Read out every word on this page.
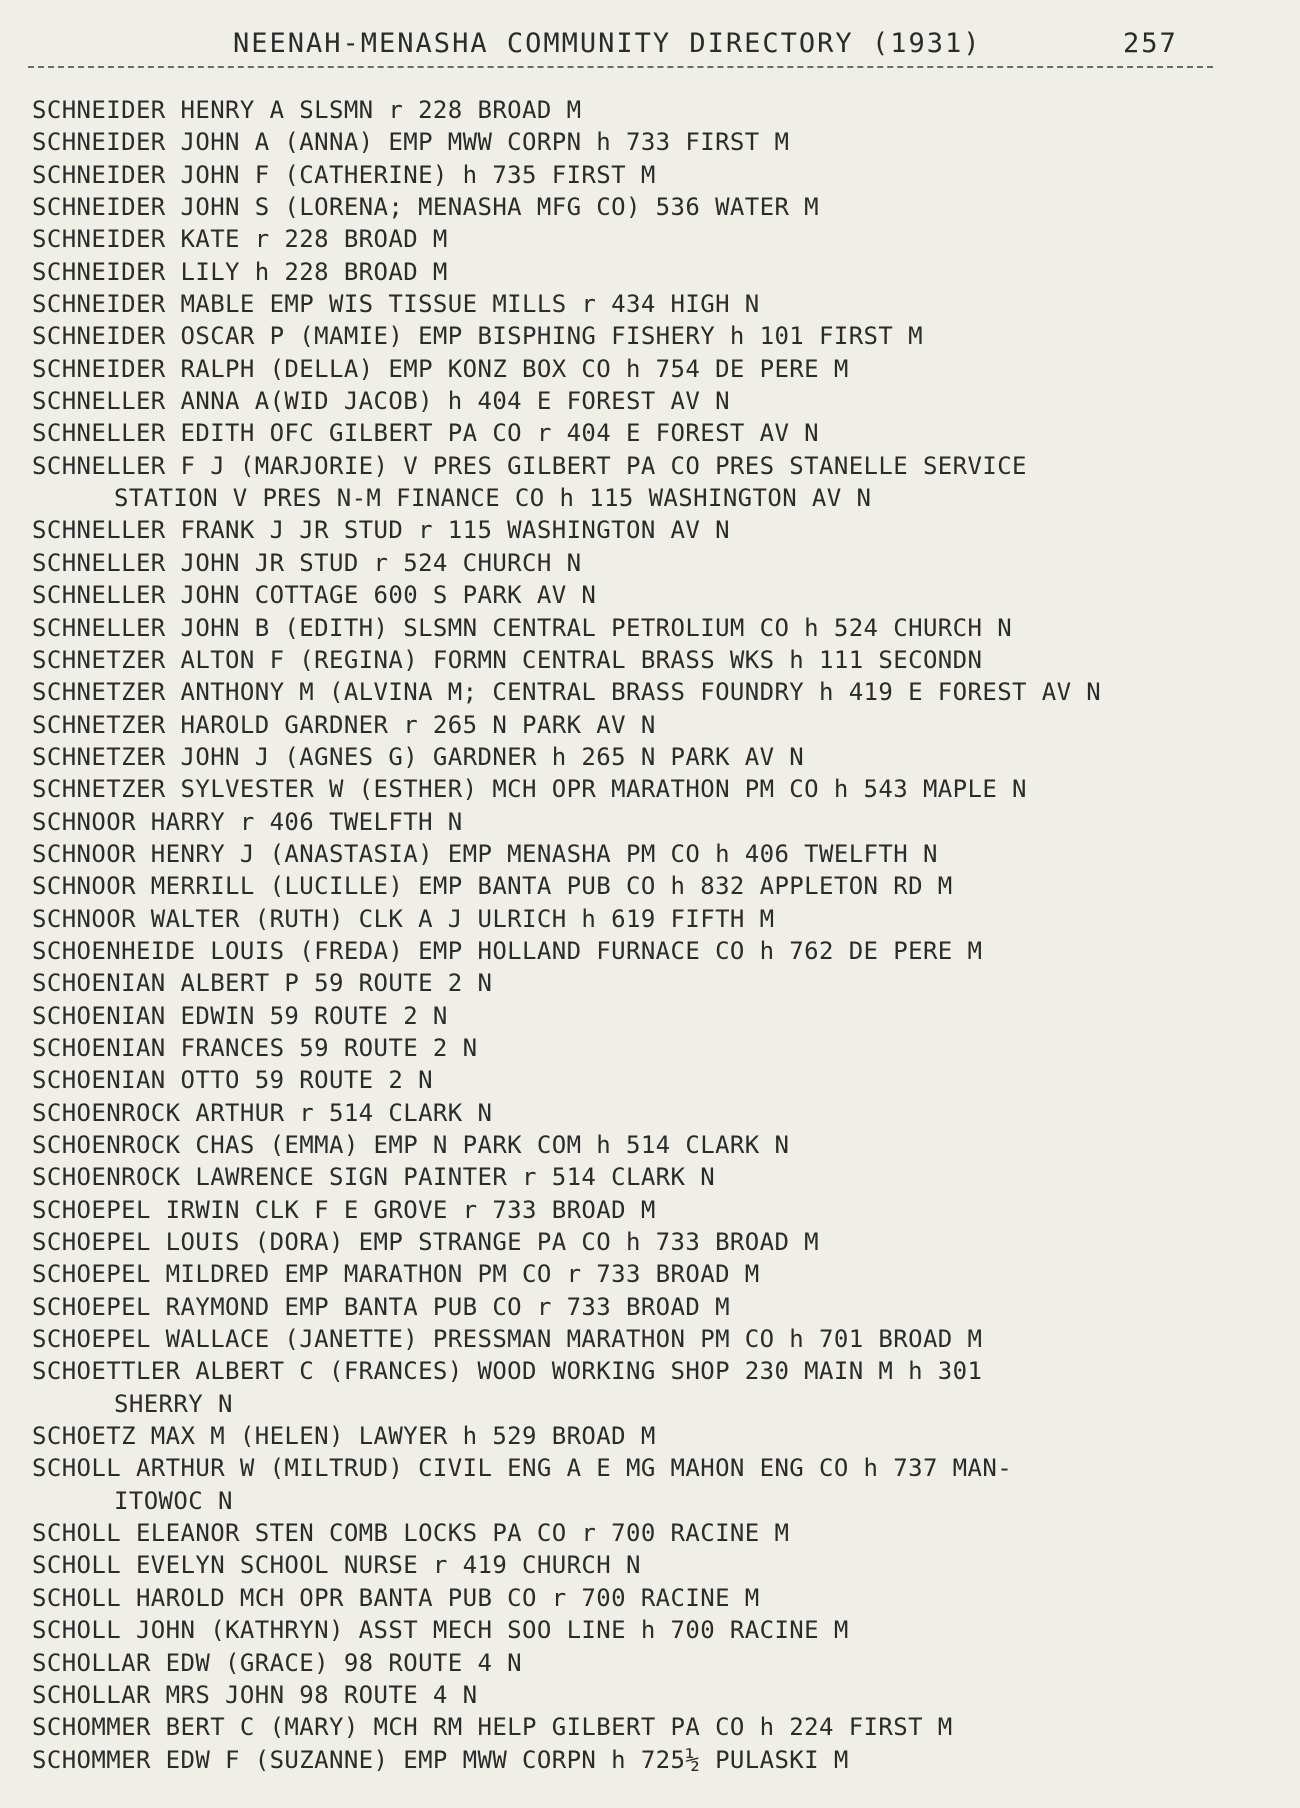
NEENAH-MENASHA COMMUNITY DIRECTORY (1931)	257
SCHNEIDER HENRY A SLSMN r 228 BROAD M
SCHNEIDER JOHN A (ANNA) EMP MWW CORPN h 733 FIRST M
SCHNEIDER JOHN F (CATHERINE) h 735 FIRST M
SCHNEIDER JOHN S (LORENA; MENASHA MFG CO) 536 WATER M
SCHNEIDER KATE r 228 BROAD M
SCHNEIDER LILY h 228 BROAD M
SCHNEIDER MABLE EMP WIS TISSUE MILLS r 434 HIGH N
SCHNEIDER OSCAR P (MAMIE) EMP BISPHING FISHERY h 101 FIRST M
SCHNEIDER RALPH (DELLA) EMP KONZ BOX CO h 754 DE PERE M
SCHNELLER ANNA A(WID JACOB) h 404 E FOREST AV N
SCHNELLER EDITH OFC GILBERT PA CO r 404 E FOREST AV N
SCHNELLER F J (MARJORIE) V PRES GILBERT PA CO PRES STANELLE SERVICE
STATION V PRES N-M FINANCE CO h 115 WASHINGTON AV N
SCHNELLER FRANK J JR STUD r 115 WASHINGTON AV N
SCHNELLER JOHN JR STUD r 524 CHURCH N
SCHNELLER JOHN COTTAGE 600 S PARK AV N
SCHNELLER JOHN B (EDITH) SLSMN CENTRAL PETROLIUM CO h 524 CHURCH N
SCHNETZER ALTON F (REGINA) FORMN CENTRAL BRASS WKS h 111 SECONDN
SCHNETZER ANTHONY M (ALVINA M; CENTRAL BRASS FOUNDRY h 419 E FOREST AV N
SCHNETZER HAROLD GARDNER r 265 N PARK AV N
SCHNETZER JOHN J (AGNES G) GARDNER h 265 N PARK AV N
SCHNETZER SYLVESTER W (ESTHER) MCH OPR MARATHON PM CO h 543 MAPLE N
SCHNOOR HARRY r 406 TWELFTH N
SCHNOOR HENRY J (ANASTASIA) EMP MENASHA PM CO h 406 TWELFTH N
SCHNOOR MERRILL (LUCILLE) EMP BANTA PUB CO h 832 APPLETON RD M
SCHNOOR WALTER (RUTH) CLK A J ULRICH h 619 FIFTH M
SCHOENHEIDE LOUIS (FREDA) EMP HOLLAND FURNACE CO h 762 DE PERE M
SCHOENIAN ALBERT P 59 ROUTE 2 N
SCHOENIAN EDWIN 59 ROUTE 2 N
SCHOENIAN FRANCES 59 ROUTE 2 N
SCHOENIAN OTTO 59 ROUTE 2 N
SCHOENROCK ARTHUR r 514 CLARK N
SCHOENROCK CHAS (EMMA) EMP N PARK COM h 514 CLARK N
SCHOENROCK LAWRENCE SIGN PAINTER r 514 CLARK N
SCHOEPEL IRWIN CLK F E GROVE r 733 BROAD M
SCHOEPEL LOUIS (DORA) EMP STRANGE PA CO h 733 BROAD M
SCHOEPEL MILDRED EMP MARATHON PM CO r 733 BROAD M
SCHOEPEL RAYMOND EMP BANTA PUB CO r 733 BROAD M
SCHOEPEL WALLACE (JANETTE) PRESSMAN MARATHON PM CO h 701 BROAD M
SCHOETTLER ALBERT C (FRANCES) WOOD WORKING SHOP 230 MAIN M h 301
SHERRY N
SCHOETZ MAX M (HELEN) LAWYER h 529 BROAD M
SCHOLL ARTHUR W (MILTRUD) CIVIL ENG A E MG MAHON ENG CO h 737 MAN-
ITOWOC N
SCHOLL ELEANOR STEN COMB LOCKS PA CO r 700 RACINE M
SCHOLL EVELYN SCHOOL NURSE r 419 CHURCH N
SCHOLL HAROLD MCH OPR BANTA PUB CO r 700 RACINE M
SCHOLL JOHN (KATHRYN) ASST MECH SOO LINE h 700 RACINE M
SCHOLLAR EDW (GRACE) 98 ROUTE 4 N
SCHOLLAR MRS JOHN 98 ROUTE 4 N
SCHOMMER BERT C (MARY) MCH RM HELP GILBERT PA CO h 224 FIRST M
SCHOMMER EDW F (SUZANNE) EMP MWW CORPN h 725½ PULASKI M
